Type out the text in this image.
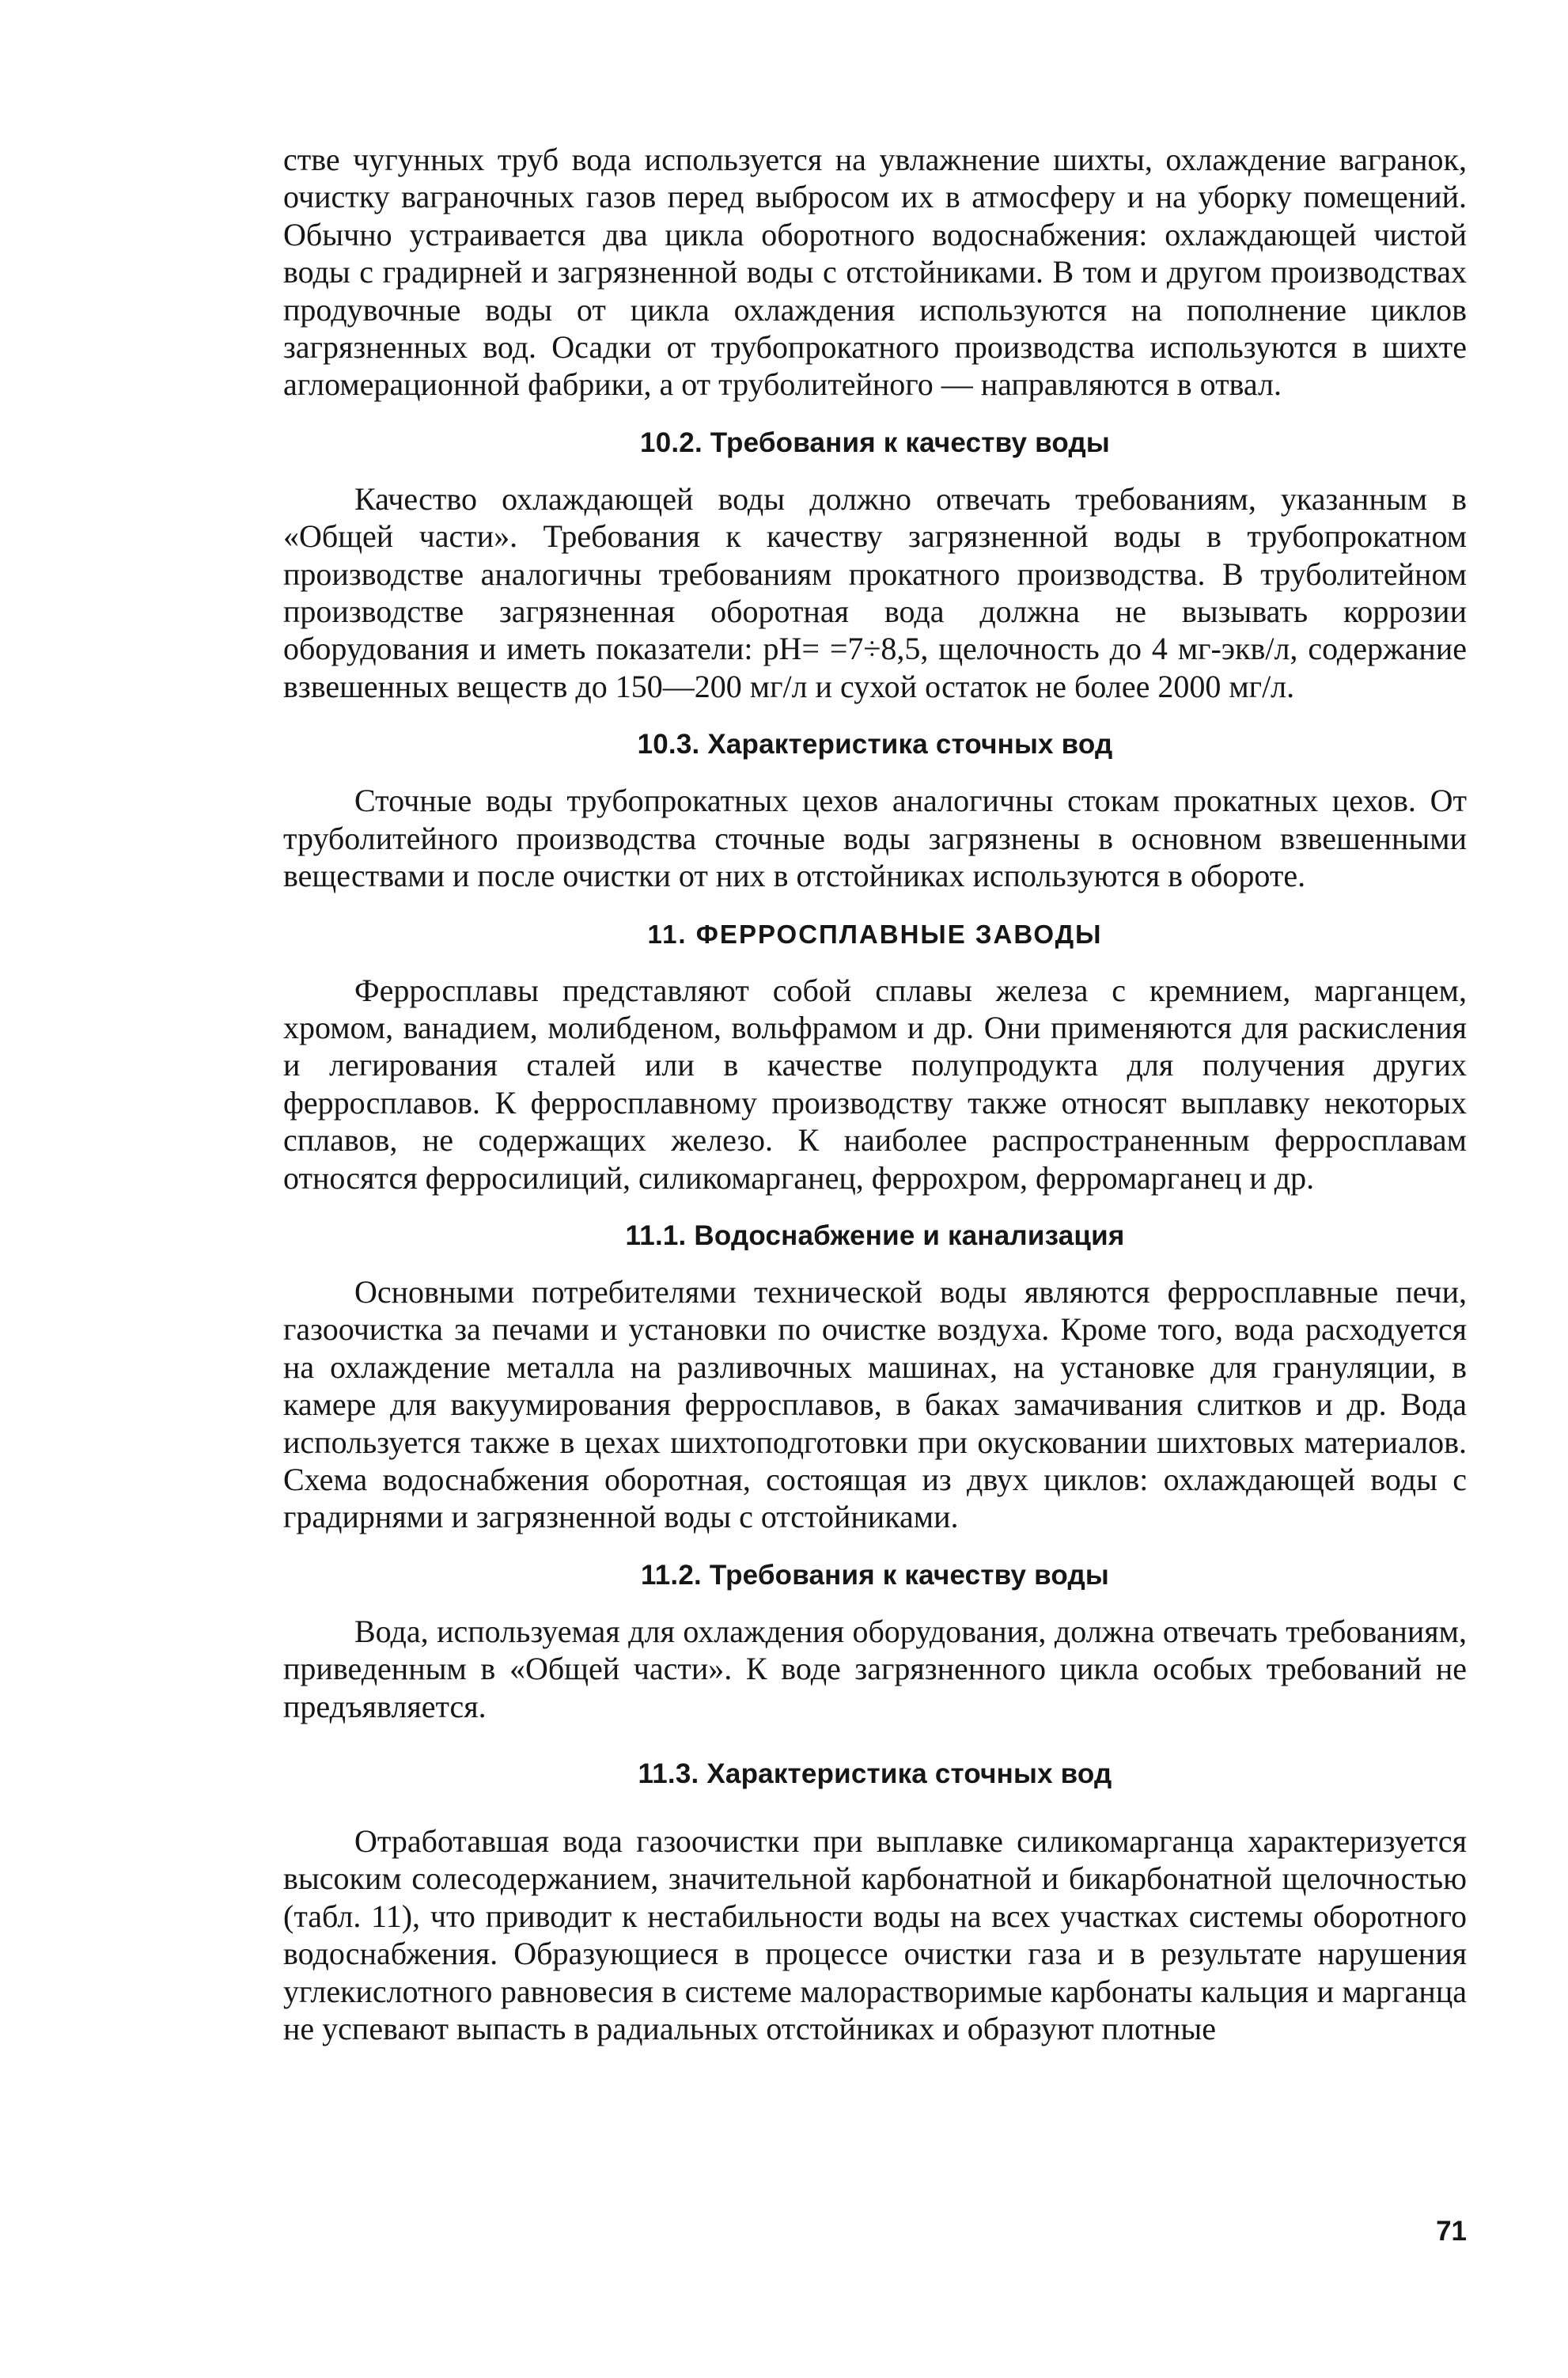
стве чугунных труб вода используется на увлажнение шихты, охлаждение вагранок, очистку ваграночных газов перед выбросом их в атмосферу и на уборку помещений. Обычно устраивается два цикла оборотного водоснабжения: охлаждающей чистой воды с градирней и загрязненной воды с отстойниками. В том и другом производствах продувочные воды от цикла охлаждения используются на пополнение циклов загрязненных вод. Осадки от трубопрокатного производства используются в шихте агломерационной фабрики, а от труболитейного — направляются в отвал.

10.2. Требования к качеству воды

Качество охлаждающей воды должно отвечать требованиям, указанным в «Общей части». Требования к качеству загрязненной воды в трубопрокатном производстве аналогичны требованиям прокатного производства. В труболитейном производстве загрязненная оборотная вода должна не вызывать коррозии оборудования и иметь показатели: pH= =7÷8,5, щелочность до 4 мг-экв/л, содержание взвешенных веществ до 150—200 мг/л и сухой остаток не более 2000 мг/л.

10.3. Характеристика сточных вод

Сточные воды трубопрокатных цехов аналогичны стокам прокатных цехов. От труболитейного производства сточные воды загрязнены в основном взвешенными веществами и после очистки от них в отстойниках используются в обороте.

11. ФЕРРОСПЛАВНЫЕ ЗАВОДЫ

Ферросплавы представляют собой сплавы железа с кремнием, марганцем, хромом, ванадием, молибденом, вольфрамом и др. Они применяются для раскисления и легирования сталей или в качестве полупродукта для получения других ферросплавов. К ферросплавному производству также относят выплавку некоторых сплавов, не содержащих железо. К наиболее распространенным ферросплавам относятся ферросилиций, силикомарганец, феррохром, ферромарганец и др.

11.1. Водоснабжение и канализация

Основными потребителями технической воды являются ферросплавные печи, газоочистка за печами и установки по очистке воздуха. Кроме того, вода расходуется на охлаждение металла на разливочных машинах, на установке для грануляции, в камере для вакуумирования ферросплавов, в баках замачивания слитков и др. Вода используется также в цехах шихтоподготовки при окусковании шихтовых материалов. Схема водоснабжения оборотная, состоящая из двух циклов: охлаждающей воды с градирнями и загрязненной воды с отстойниками.

11.2. Требования к качеству воды

Вода, используемая для охлаждения оборудования, должна отвечать требованиям, приведенным в «Общей части». К воде загрязненного цикла особых требований не предъявляется.

11.3. Характеристика сточных вод

Отработавшая вода газоочистки при выплавке силикомарганца характеризуется высоким солесодержанием, значительной карбонатной и бикарбонатной щелочностью (табл. 11), что приводит к нестабильности воды на всех участках системы оборотного водоснабжения. Образующиеся в процессе очистки газа и в результате нарушения углекислотного равновесия в системе малорастворимые карбонаты кальция и марганца не успевают выпасть в радиальных отстойниках и образуют плотные

71
